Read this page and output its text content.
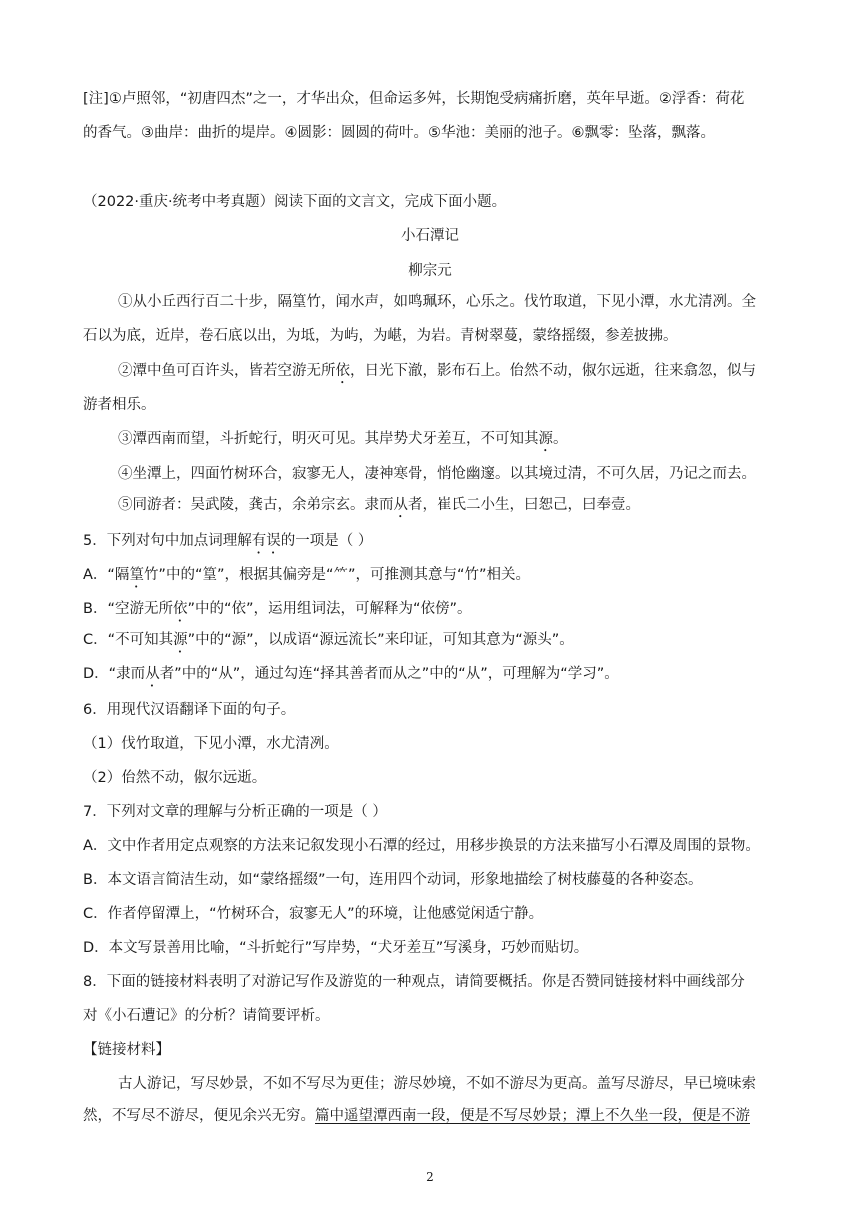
[注]①卢照邻，“初唐四杰”之一，才华出众，但命运多舛，长期饱受病痛折磨，英年早逝。②浮香：荷花
的香气。③曲岸：曲折的堤岸。④圆影：圆圆的荷叶。⑤华池：美丽的池子。⑥飘零：坠落，飘落。
（2022·重庆·统考中考真题）阅读下面的文言文，完成下面小题。
小石潭记
柳宗元
①从小丘西行百二十步，隔篁竹，闻水声，如鸣珮环，心乐之。伐竹取道，下见小潭，水尤清冽。全
石以为底，近岸，卷石底以出，为坻，为屿，为嵁，为岩。青树翠蔓，蒙络摇缀，参差披拂。
②潭中鱼可百许头，皆若空游无所依，日光下澈，影布石上。佁然不动，俶尔远逝，往来翕忽，似与
游者相乐。
③潭西南而望，斗折蛇行，明灭可见。其岸势犬牙差互，不可知其源。
④坐潭上，四面竹树环合，寂寥无人，凄神寒骨，悄怆幽邃。以其境过清，不可久居，乃记之而去。
⑤同游者：吴武陵，龚古，余弟宗玄。隶而从者，崔氏二小生，曰恕己，曰奉壹。
5．下列对句中加点词理解有误的一项是（ ）
A．“隔篁竹”中的“篁”，根据其偏旁是“⺮”，可推测其意与“竹”相关。
B．“空游无所依”中的“依”，运用组词法，可解释为“依傍”。
C．“不可知其源”中的“源”，以成语“源远流长”来印证，可知其意为“源头”。
D．“隶而从者”中的“从”，通过勾连“择其善者而从之”中的“从”，可理解为“学习”。
6．用现代汉语翻译下面的句子。
（1）伐竹取道，下见小潭，水尤清冽。
（2）佁然不动，俶尔远逝。
7．下列对文章的理解与分析正确的一项是（ ）
A．文中作者用定点观察的方法来记叙发现小石潭的经过，用移步换景的方法来描写小石潭及周围的景物。
B．本文语言简洁生动，如“蒙络摇缀”一句，连用四个动词，形象地描绘了树枝藤蔓的各种姿态。
C．作者停留潭上，“竹树环合，寂寥无人”的环境，让他感觉闲适宁静。
D．本文写景善用比喻，“斗折蛇行”写岸势，“犬牙差互”写溪身，巧妙而贴切。
8．下面的链接材料表明了对游记写作及游览的一种观点，请简要概括。你是否赞同链接材料中画线部分
对《小石遭记》的分析？请简要评析。
【链接材料】
古人游记，写尽妙景，不如不写尽为更佳；游尽妙境，不如不游尽为更高。盖写尽游尽，早已境味索
然，不写尽不游尽，便见余兴无穷。篇中遥望潭西南一段，便是不写尽妙景；潭上不久坐一段，便是不游
2
